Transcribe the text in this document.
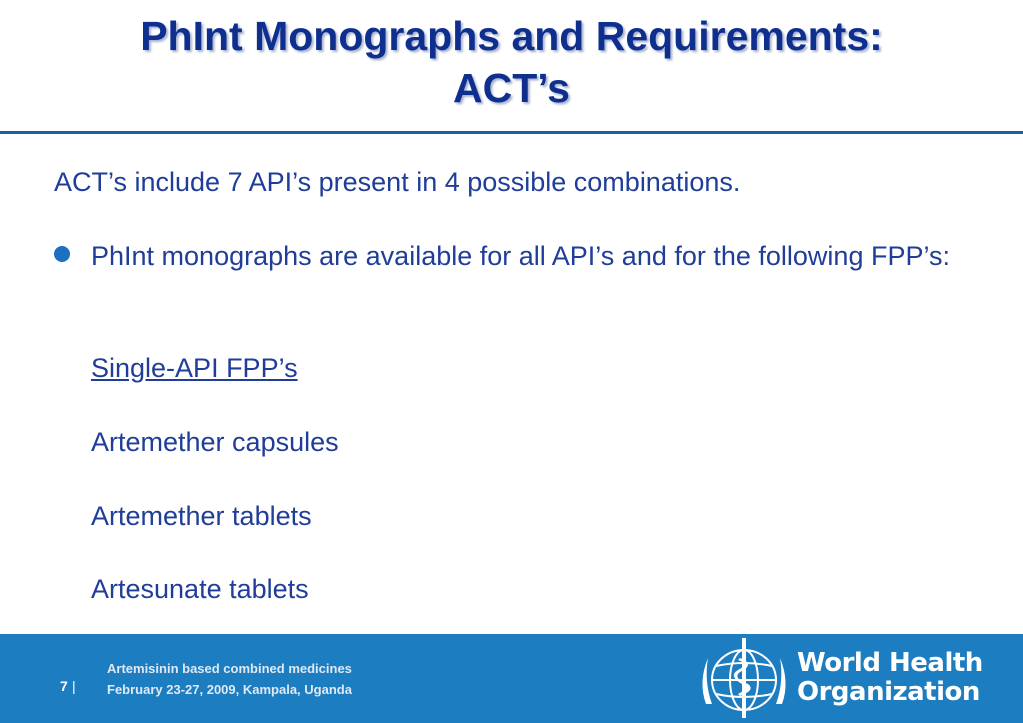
PhInt Monographs and Requirements:
ACT’s
ACT’s include 7 API’s present in 4 possible combinations.
PhInt monographs are available for all API’s and for the following FPP’s:
Single-API FPP’s
Artemether capsules
Artemether tablets
Artesunate tablets
7 |
Artemisinin based combined medicines
February 23-27, 2009, Kampala, Uganda
World Health
Organization
